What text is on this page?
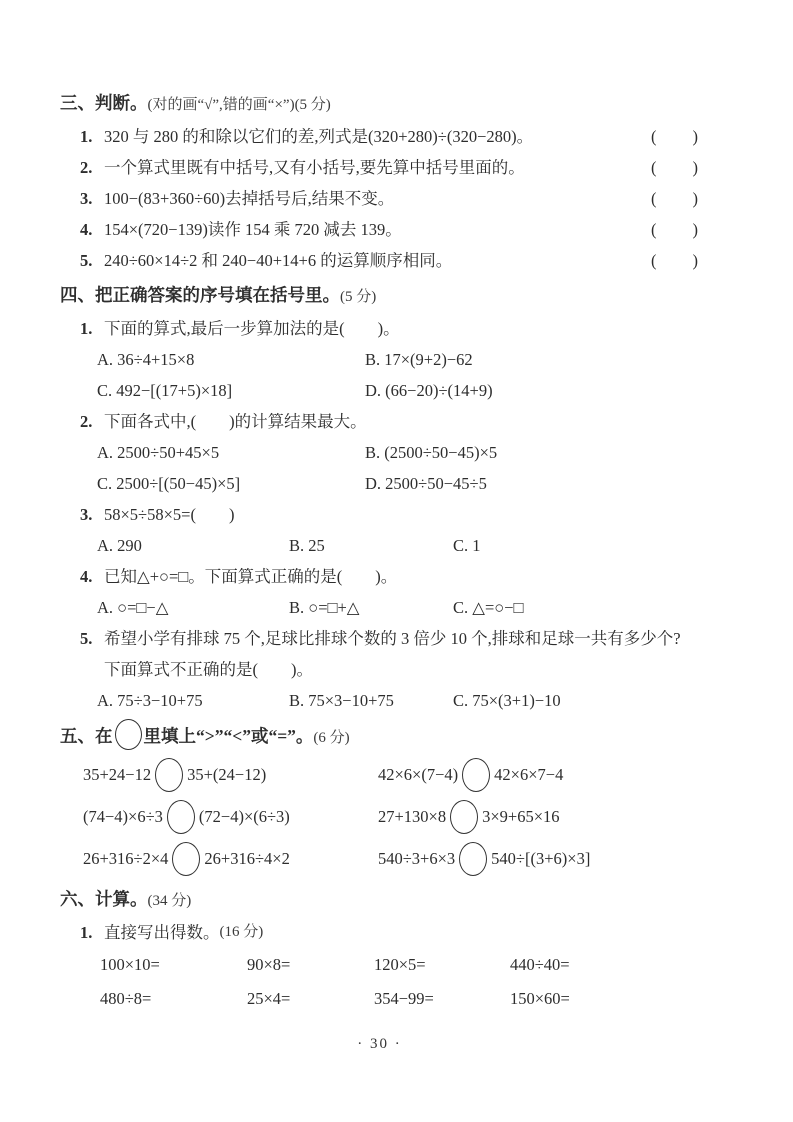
三、判断。(对的画“√”,错的画“×”)(5 分)
1. 320 与 280 的和除以它们的差,列式是(320+280)÷(320−280)。	(　　)
2. 一个算式里既有中括号,又有小括号,要先算中括号里面的。	(　　)
3. 100−(83+360÷60)去掉括号后,结果不变。	(　　)
4. 154×(720−139)读作 154 乘 720 减去 139。	(　　)
5. 240÷60×14÷2 和 240−40+14+6 的运算顺序相同。	(　　)
四、把正确答案的序号填在括号里。(5 分)
1. 下面的算式,最后一步算加法的是(　　)。
A. 36÷4+15×8	B. 17×(9+2)−62
C. 492−[(17+5)×18]	D. (66−20)÷(14+9)
2. 下面各式中,(　　)的计算结果最大。
A. 2500÷50+45×5	B. (2500÷50−45)×5
C. 2500÷[(50−45)×5]	D. 2500÷50−45÷5
3. 58×5÷58×5=(　　)
A. 290	B. 25	C. 1
4. 已知△+○=□。下面算式正确的是(　　)。
A. ○=□−△	B. ○=□+△	C. △=○−□
5. 希望小学有排球 75 个,足球比排球个数的 3 倍少 10 个,排球和足球一共有多少个? 下面算式不正确的是(　　)。
A. 75÷3−10+75	B. 75×3−10+75	C. 75×(3+1)−10
五、在 里填上“>”“<”或“=”。(6 分)
35+24−12 35+(24−12)	42×6×(7−4) 42×6×7−4
(74−4)×6÷3 (72−4)×(6÷3)	27+130×8 3×9+65×16
26+316÷2×4 26+316÷4×2	540÷3+6×3 540÷[(3+6)×3]
六、计算。(34 分)
1. 直接写出得数。 (16 分)
100×10=	90×8=	120×5=	440÷40=
480÷8=	25×4=	354−99=	150×60=
· 30 ·
